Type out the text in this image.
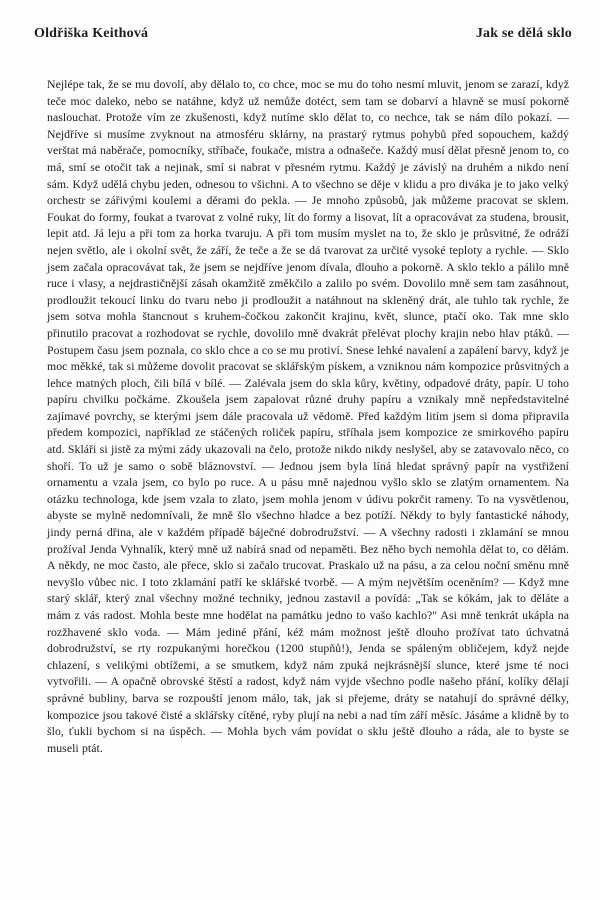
Oldřiška Keithová	Jak se dělá sklo

Nejlépe tak, že se mu dovolí, aby dělalo to, co chce, moc se mu do toho nesmí mluvit, jenom se zarazí, když teče moc daleko, nebo se natáhne, když už nemůže dotéct, sem tam se dobarví a hlavně se musí pokorně naslouchat. Protože vím ze zkušenosti, když nutíme sklo dělat to, co nechce, tak se nám dílo pokazí. — Nejdříve si musíme zvyknout na atmosféru sklárny, na prastarý rytmus pohybů před sopouchem, každý verštat má naběrače, pomocníky, stříbače, foukače, mistra a odnašeče. Každý musí dělat přesně jenom to, co má, smí se otočit tak a nejinak, smí si nabrat v přesném rytmu. Každý je závislý na druhém a nikdo není sám. Když udělá chybu jeden, odnesou to všichni. A to všechno se děje v klidu a pro diváka je to jako velký orchestr se zářivými koulemi a děrami do pekla. — Je mnoho způsobů, jak můžeme pracovat se sklem. Foukat do formy, foukat a tvarovat z volné ruky, lít do formy a lisovat, lít a opracovávat za studena, brousit, lepit atd. Já leju a při tom za horka tvaruju. A při tom musím myslet na to, že sklo je průsvitné, že odráží nejen světlo, ale i okolní svět, že září, že teče a že se dá tvarovat za určité vysoké teploty a rychle. — Sklo jsem začala opracovávat tak, že jsem se nejdříve jenom dívala, dlouho a pokorně. A sklo teklo a pálilo mně ruce i vlasy, a nejdrastičnější zásah okamžitě změkčilo a zalilo po svém. Dovolilo mně sem tam zasáhnout, prodloužit tekoucí linku do tvaru nebo ji prodloužit a natáhnout na skleněný drát, ale tuhlo tak rychle, že jsem sotva mohla štancnout s kruhem-čočkou zakončit krajinu, květ, slunce, ptačí oko. Tak mne sklo přinutilo pracovat a rozhodovat se rychle, dovolilo mně dvakrát přelévat plochy krajin nebo hlav ptáků. — Postupem času jsem poznala, co sklo chce a co se mu protiví. Snese lehké navalení a zapálení barvy, když je moc měkké, tak si můžeme dovolit pracovat se sklářským pískem, a vzniknou nám kompozice průsvitných a lehce matných ploch, čili bílá v bílé. — Zalévala jsem do skla kůry, květiny, odpadové dráty, papír. U toho papíru chvilku počkáme. Zkoušela jsem zapalovat různé druhy papíru a vznikaly mně nepředstavitelné zajímavé povrchy, se kterými jsem dále pracovala už vědomě. Před každým litím jsem si doma připravila předem kompozici, například ze stáčených roliček papíru, stříhala jsem kompozice ze smirkového papíru atd. Skláři si jistě za mými zády ukazovali na čelo, protože nikdo nikdy neslyšel, aby se zatavovalo něco, co shoří. To už je samo o sobě bláznovství. — Jednou jsem byla líná hledat správný papír na vystřižení ornamentu a vzala jsem, co bylo po ruce. A u pásu mně najednou vyšlo sklo se zlatým ornamentem. Na otázku technologa, kde jsem vzala to zlato, jsem mohla jenom v údivu pokrčit rameny. To na vysvětlenou, abyste se mylně nedomnívali, že mně šlo všechno hladce a bez potíží. Někdy to byly fantastické náhody, jindy perná dřina, ale v každém případě báječné dobrodružství. — A všechny radosti i zklamání se mnou prožíval Jenda Vyhnalík, který mně už nabírá snad od nepaměti. Bez něho bych nemohla dělat to, co dělám. A někdy, ne moc často, ale přece, sklo si začalo trucovat. Praskalo už na pásu, a za celou noční směnu mně nevyšlo vůbec nic. I toto zklamání patří ke sklářské tvorbě. — A mým největším oceněním? — Když mne starý sklář, který znal všechny možné techniky, jednou zastavil a povídá: „Tak se kókám, jak to děláte a mám z vás radost. Mohla beste mne hodělat na památku jedno to vašo kachlo?" Asi mně tenkrát ukápla na rozžhavené sklo voda. — Mám jediné přání, kéž mám možnost ještě dlouho prožívat tato úchvatná dobrodružství, se rty rozpukanými horečkou (1200 stupňů!), Jenda se spáleným obličejem, když nejde chlazení, s velikými obtížemi, a se smutkem, když nám zpuká nejkrásnější slunce, které jsme té noci vytvořili. — A opačně obrovské štěstí a radost, když nám vyjde všechno podle našeho přání, kolíky dělají správné bubliny, barva se rozpouští jenom málo, tak, jak si přejeme, dráty se natahují do správné délky, kompozice jsou takové čisté a sklářsky cítěné, ryby plují na nebi a nad tím září měsíc. Jásáme a klidně by to šlo, ťukli bychom si na úspěch. — Mohla bych vám povídat o sklu ještě dlouho a ráda, ale to byste se museli ptát.
